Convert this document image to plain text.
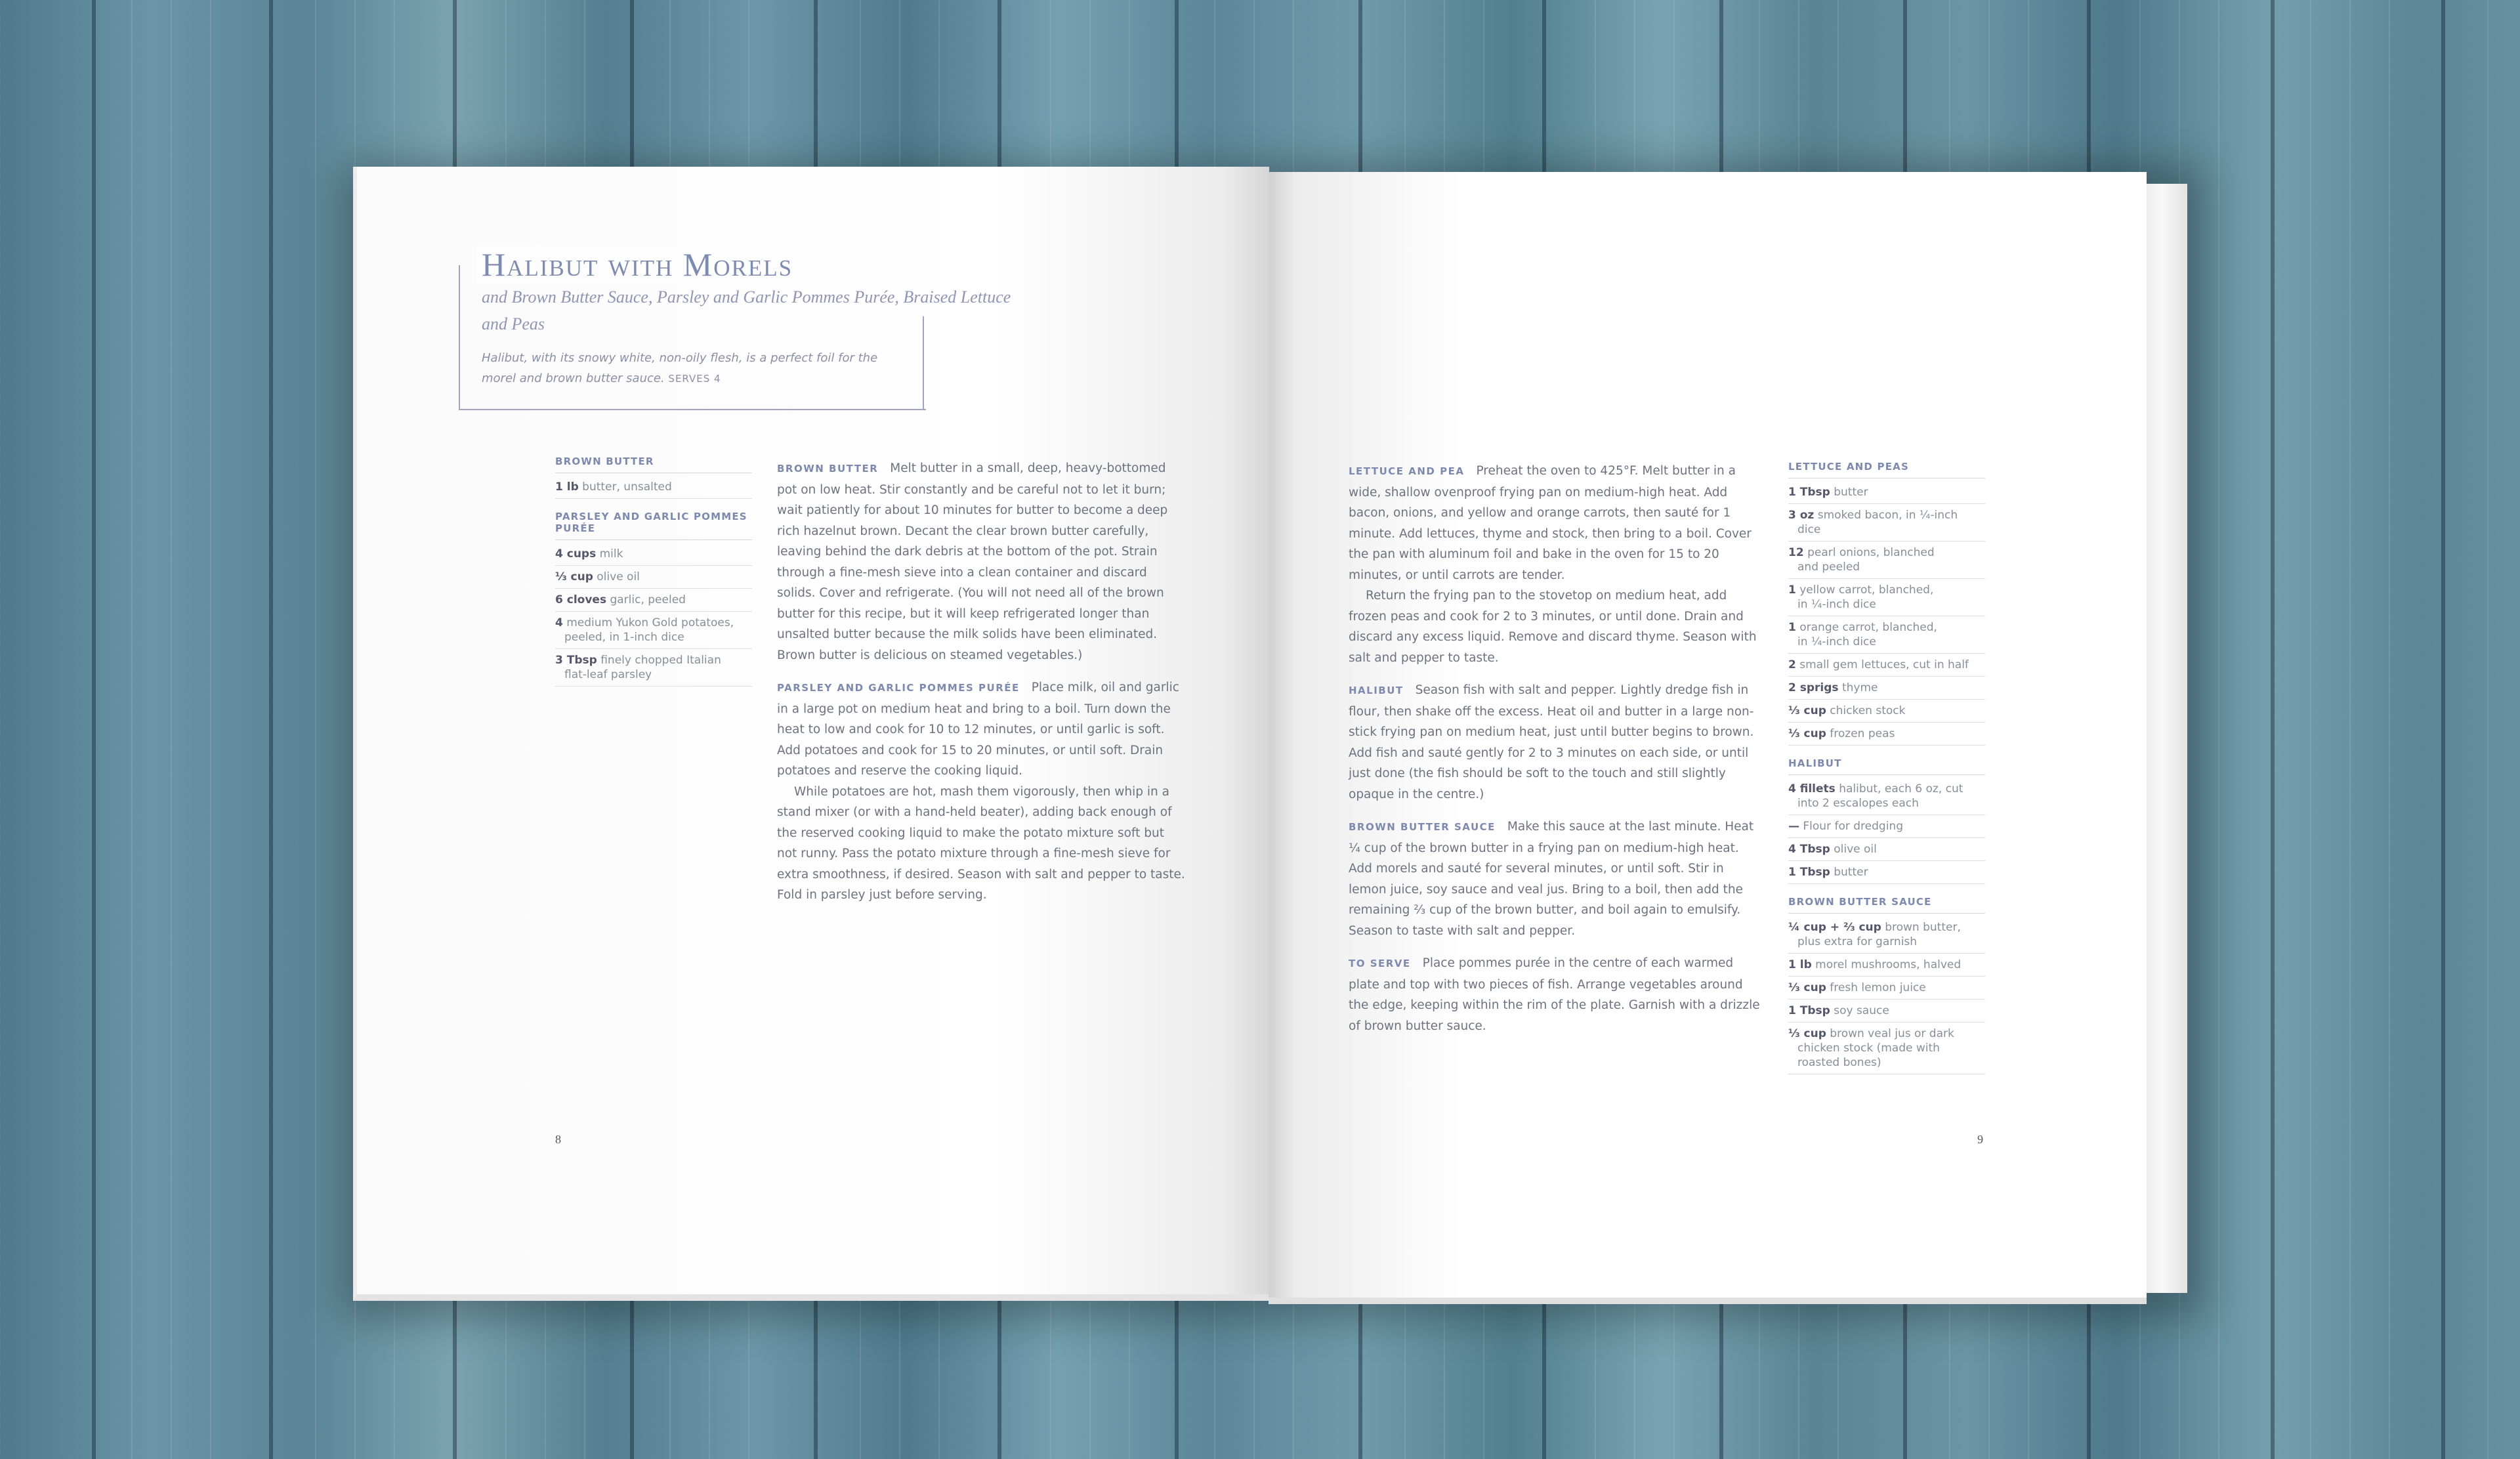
Halibut with Morels
and Brown Butter Sauce, Parsley and Garlic Pommes Purée, Braised Lettuce and Peas
Halibut, with its snowy white, non-oily flesh, is a perfect foil for the morel and brown butter sauce. SERVES 4
BROWN BUTTER
1 lb butter, unsalted
PARSLEY AND GARLIC POMMES PURÉE
4 cups milk
⅓ cup olive oil
6 cloves garlic, peeled
4 medium Yukon Gold potatoes,
peeled, in 1-inch dice
3 Tbsp finely chopped Italian
flat-leaf parsley

BROWN BUTTER Melt butter in a small, deep, heavy-bottomed pot on low heat. Stir constantly and be careful not to let it burn; wait patiently for about 10 minutes for butter to become a deep rich hazelnut brown. Decant the clear brown butter carefully, leaving behind the dark debris at the bottom of the pot. Strain through a fine-mesh sieve into a clean container and discard solids. Cover and refrigerate. (You will not need all of the brown butter for this recipe, but it will keep refrigerated longer than unsalted butter because the milk solids have been eliminated. Brown butter is delicious on steamed vegetables.)

PARSLEY AND GARLIC POMMES PURÉE Place milk, oil and garlic in a large pot on medium heat and bring to a boil. Turn down the heat to low and cook for 10 to 12 minutes, or until garlic is soft. Add potatoes and cook for 15 to 20 minutes, or until soft. Drain potatoes and reserve the cooking liquid.

While potatoes are hot, mash them vigorously, then whip in a stand mixer (or with a hand-held beater), adding back enough of the reserved cooking liquid to make the potato mixture soft but not runny. Pass the potato mixture through a fine-mesh sieve for extra smoothness, if desired. Season with salt and pepper to taste. Fold in parsley just before serving.

8

LETTUCE AND PEA Preheat the oven to 425°F. Melt butter in a wide, shallow ovenproof frying pan on medium-high heat. Add bacon, onions, and yellow and orange carrots, then sauté for 1 minute. Add lettuces, thyme and stock, then bring to a boil. Cover the pan with aluminum foil and bake in the oven for 15 to 20 minutes, or until carrots are tender.

Return the frying pan to the stovetop on medium heat, add frozen peas and cook for 2 to 3 minutes, or until done. Drain and discard any excess liquid. Remove and discard thyme. Season with salt and pepper to taste.

HALIBUT Season fish with salt and pepper. Lightly dredge fish in flour, then shake off the excess. Heat oil and butter in a large non-stick frying pan on medium heat, just until butter begins to brown. Add fish and sauté gently for 2 to 3 minutes on each side, or until just done (the fish should be soft to the touch and still slightly opaque in the centre.)

BROWN BUTTER SAUCE Make this sauce at the last minute. Heat ¼ cup of the brown butter in a frying pan on medium-high heat. Add morels and sauté for several minutes, or until soft. Stir in lemon juice, soy sauce and veal jus. Bring to a boil, then add the remaining ⅔ cup of the brown butter, and boil again to emulsify. Season to taste with salt and pepper.

TO SERVE Place pommes purée in the centre of each warmed plate and top with two pieces of fish. Arrange vegetables around the edge, keeping within the rim of the plate. Garnish with a drizzle of brown butter sauce.

LETTUCE AND PEAS
1 Tbsp butter
3 oz smoked bacon, in ¼-inch
dice
12 pearl onions, blanched
and peeled
1 yellow carrot, blanched,
in ¼-inch dice
1 orange carrot, blanched,
in ¼-inch dice
2 small gem lettuces, cut in half
2 sprigs thyme
⅓ cup chicken stock
⅓ cup frozen peas
HALIBUT
4 fillets halibut, each 6 oz, cut
into 2 escalopes each
— Flour for dredging
4 Tbsp olive oil
1 Tbsp butter
BROWN BUTTER SAUCE
¼ cup + ⅔ cup brown butter,
plus extra for garnish
1 lb morel mushrooms, halved
⅓ cup fresh lemon juice
1 Tbsp soy sauce
⅓ cup brown veal jus or dark
chicken stock (made with roasted bones)
9
